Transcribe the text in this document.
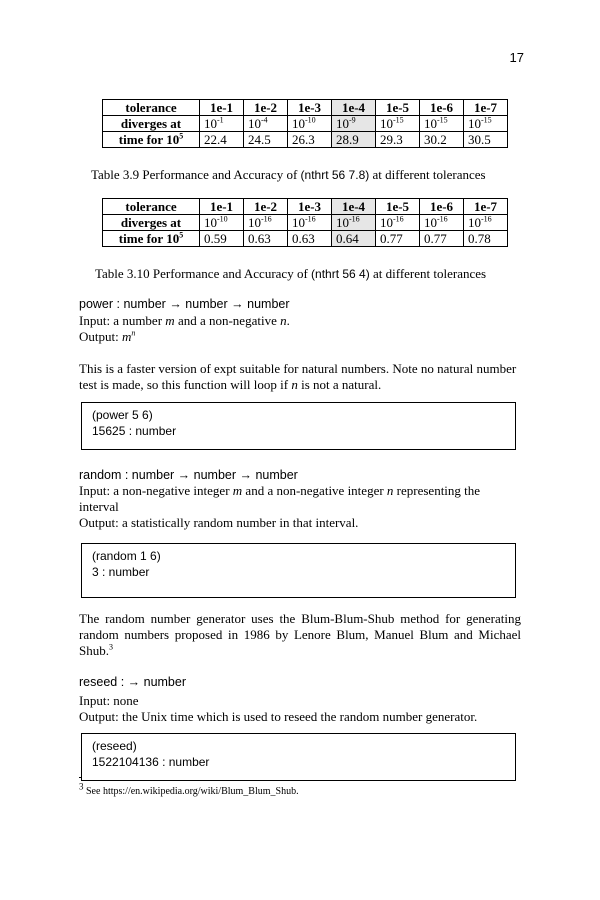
17
tolerance	1e-1	1e-2	1e-3	1e-4	1e-5	1e-6	1e-7
diverges at	$10^{-1}$	$10^{-4}$	$10^{-10}$	$10^{-9}$	$10^{-15}$	$10^{-15}$	$10^{-15}$
time for $10^5$	22.4	24.5	26.3	28.9	29.3	30.2	30.5
Table 3.9 Performance and Accuracy of (nthrt 56 7.8) at different tolerances
tolerance	1e-1	1e-2	1e-3	1e-4	1e-5	1e-6	1e-7
diverges at	$10^{-10}$	$10^{-16}$	$10^{-16}$	$10^{-16}$	$10^{-16}$	$10^{-16}$	$10^{-16}$
time for $10^5$	0.59	0.63	0.63	0.64	0.77	0.77	0.78
Table 3.10 Performance and Accuracy of (nthrt 56 4) at different tolerances
power : number → number → number
Input: a number m and a non-negative n.
Output: $m^n$
This is a faster version of expt suitable for natural numbers. Note no natural number test is made, so this function will loop if n is not a natural.
(power 5 6)
15625 : number
random : number → number → number
Input: a non-negative integer m and a non-negative integer n representing the interval
Output: a statistically random number in that interval.
(random 1 6)
3 : number
The random number generator uses the Blum-Blum-Shub method for generating random numbers proposed in 1986 by Lenore Blum, Manuel Blum and Michael Shub.$^3$
reseed : → number
Input: none
Output: the Unix time which is used to reseed the random number generator.
(reseed)
1522104136 : number
3 See https://en.wikipedia.org/wiki/Blum_Blum_Shub.
